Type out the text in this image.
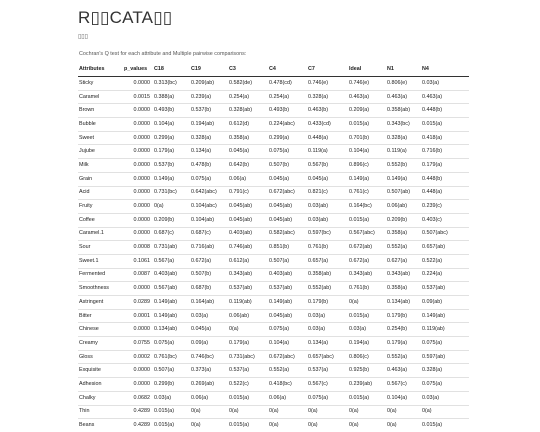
R▯▯CATA▯▯
▯▯▯
Cochran's Q test for each attribute and Multiple pairwise comparisons:
Attributes	p_values	C18	C19	C3	C4	C7	Ideal	N1	N4
Sticky	0.0000	0.313(bc)	0.209(ab)	0.582(de)	0.478(cd)	0.746(e)	0.746(e)	0.806(e)	0.03(a)
Caramel	0.0015	0.388(a)	0.239(a)	0.254(a)	0.254(a)	0.328(a)	0.463(a)	0.463(a)	0.463(a)
Brown	0.0000	0.493(b)	0.537(b)	0.328(ab)	0.493(b)	0.463(b)	0.209(a)	0.358(ab)	0.448(b)
Bubble	0.0000	0.104(a)	0.194(ab)	0.612(d)	0.224(abc)	0.433(cd)	0.015(a)	0.343(bc)	0.015(a)
Sweet	0.0000	0.299(a)	0.328(a)	0.358(a)	0.299(a)	0.448(a)	0.701(b)	0.328(a)	0.418(a)
Jujube	0.0000	0.179(a)	0.134(a)	0.045(a)	0.075(a)	0.119(a)	0.104(a)	0.119(a)	0.716(b)
Milk	0.0000	0.537(b)	0.478(b)	0.642(b)	0.507(b)	0.567(b)	0.896(c)	0.552(b)	0.179(a)
Grain	0.0000	0.149(a)	0.075(a)	0.06(a)	0.045(a)	0.045(a)	0.149(a)	0.149(a)	0.448(b)
Acid	0.0000	0.731(bc)	0.642(abc)	0.791(c)	0.672(abc)	0.821(c)	0.761(c)	0.507(ab)	0.448(a)
Fruity	0.0000	0(a)	0.104(abc)	0.045(ab)	0.045(ab)	0.03(ab)	0.164(bc)	0.06(ab)	0.239(c)
Coffee	0.0000	0.209(b)	0.104(ab)	0.045(ab)	0.045(ab)	0.03(ab)	0.015(a)	0.209(b)	0.403(c)
Caramel.1	0.0000	0.687(c)	0.687(c)	0.403(ab)	0.582(abc)	0.597(bc)	0.567(abc)	0.358(a)	0.507(abc)
Sour	0.0008	0.731(ab)	0.716(ab)	0.746(ab)	0.851(b)	0.761(b)	0.672(ab)	0.552(a)	0.657(ab)
Sweet.1	0.1061	0.567(a)	0.672(a)	0.612(a)	0.507(a)	0.657(a)	0.672(a)	0.627(a)	0.522(a)
Fermented	0.0087	0.403(ab)	0.507(b)	0.343(ab)	0.403(ab)	0.358(ab)	0.343(ab)	0.343(ab)	0.224(a)
Smoothness	0.0000	0.567(ab)	0.687(b)	0.537(ab)	0.537(ab)	0.552(ab)	0.761(b)	0.358(a)	0.537(ab)
Astringent	0.0289	0.149(ab)	0.164(ab)	0.119(ab)	0.149(ab)	0.179(b)	0(a)	0.134(ab)	0.09(ab)
Bitter	0.0001	0.149(ab)	0.03(a)	0.06(ab)	0.045(ab)	0.03(a)	0.015(a)	0.179(b)	0.149(ab)
Chinese	0.0000	0.134(ab)	0.045(a)	0(a)	0.075(a)	0.03(a)	0.03(a)	0.254(b)	0.119(ab)
Creamy	0.0755	0.075(a)	0.09(a)	0.179(a)	0.104(a)	0.134(a)	0.194(a)	0.179(a)	0.075(a)
Gloss	0.0002	0.761(bc)	0.746(bc)	0.731(abc)	0.672(abc)	0.657(abc)	0.806(c)	0.552(a)	0.597(ab)
Exquisite	0.0000	0.507(a)	0.373(a)	0.537(a)	0.552(a)	0.537(a)	0.925(b)	0.463(a)	0.328(a)
Adhesion	0.0000	0.299(b)	0.269(ab)	0.522(c)	0.418(bc)	0.567(c)	0.239(ab)	0.567(c)	0.075(a)
Chalky	0.0682	0.03(a)	0.06(a)	0.015(a)	0.06(a)	0.075(a)	0.015(a)	0.104(a)	0.03(a)
Thin	0.4289	0.015(a)	0(a)	0(a)	0(a)	0(a)	0(a)	0(a)	0(a)
Beans	0.4289	0.015(a)	0(a)	0.015(a)	0(a)	0(a)	0(a)	0(a)	0.015(a)
